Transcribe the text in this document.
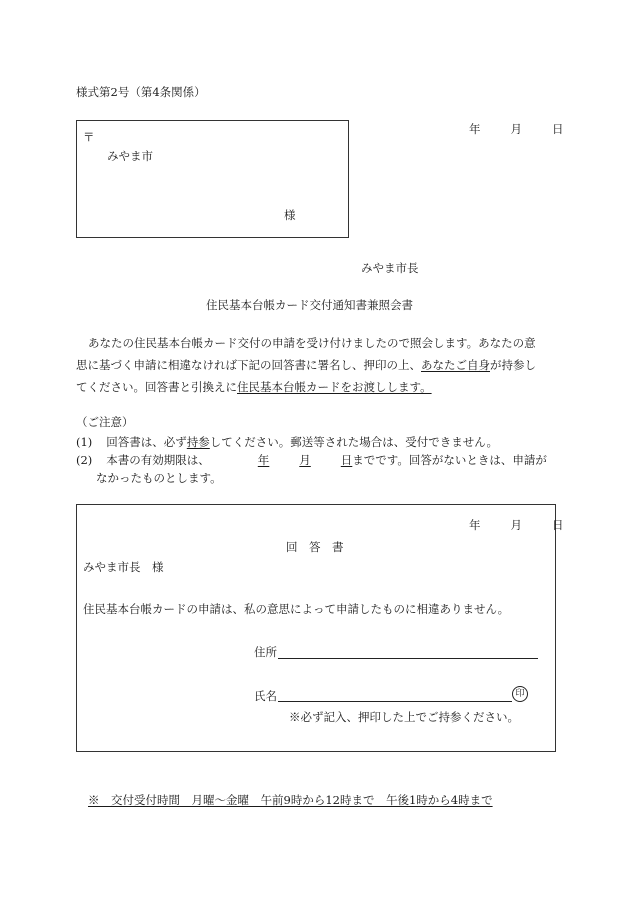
様式第2号（第4条関係）
年	月	日
〒
みやま市
様
みやま市長
住民基本台帳カード交付通知書兼照会書
あなたの住民基本台帳カード交付の申請を受け付けましたので照会します。あなたの意
思に基づく申請に相違なければ下記の回答書に署名し、押印の上、あなたご自身が持参し
てください。回答書と引換えに住民基本台帳カードをお渡しします。
（ご注意）
(1) 回答書は、必ず持参してください。郵送等された場合は、受付できません。
(2) 本書の有効期限は、	年	月	日までです。回答がないときは、申請が
なかったものとします。
年	月	日
回　答　書
みやま市長　様
住民基本台帳カードの申請は、私の意思によって申請したものに相違ありません。
住所
氏名	印
※必ず記入、押印した上でご持参ください。
※　交付受付時間　月曜～金曜　午前9時から12時まで　午後1時から4時まで
